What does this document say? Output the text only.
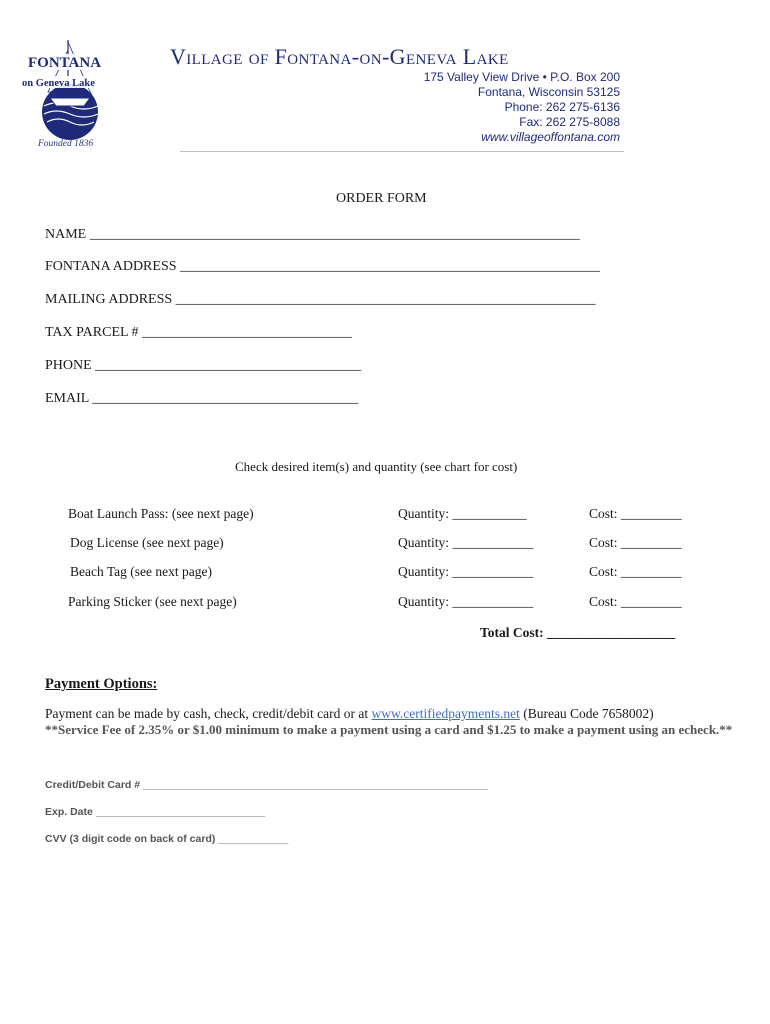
FONTANA
on Geneva Lake
Founded 1836
Village of Fontana-on-Geneva Lake
175 Valley View Drive • P.O. Box 200
Fontana, Wisconsin 53125
Phone: 262 275-6136
Fax: 262 275-8088
www.villageoffontana.com
ORDER FORM
NAME ______________________________________________________________________
FONTANA ADDRESS ____________________________________________________________
MAILING ADDRESS ____________________________________________________________
TAX PARCEL # ______________________________
PHONE ______________________________________
EMAIL ______________________________________
Check desired item(s) and quantity (see chart for cost)
Boat Launch Pass: (see next page)	Quantity: ___________	Cost: _________
Dog License (see next page)	Quantity: ____________	Cost: _________
Beach Tag (see next page)	Quantity: ____________	Cost: _________
Parking Sticker (see next page)	Quantity: ____________	Cost: _________
Total Cost: ___________________
Payment Options:
Payment can be made by cash, check, credit/debit card or at www.certifiedpayments.net (Bureau Code 7658002)
**Service Fee of 2.35% or $1.00 minimum to make a payment using a card and $1.25 to make a payment using an echeck.**
Credit/Debit Card # ___________________________________________________________
Exp. Date _____________________________
CVV (3 digit code on back of card) ____________
